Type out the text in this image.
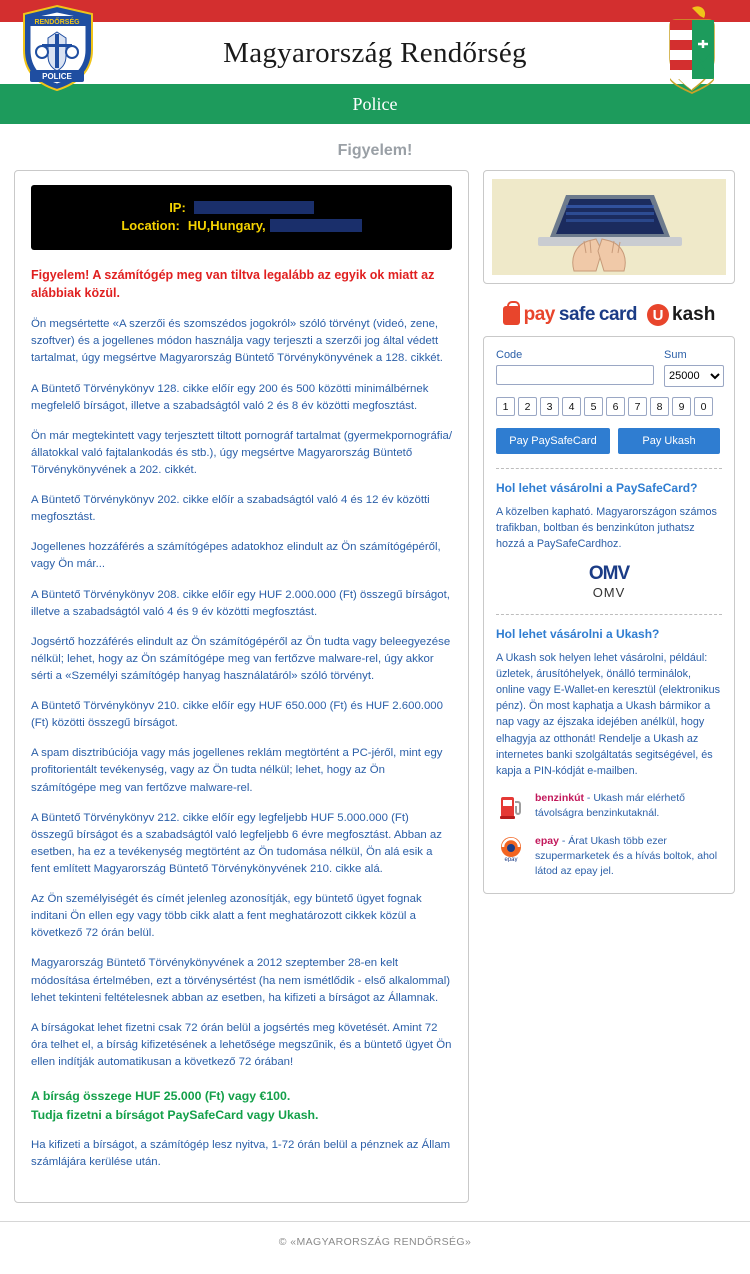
Magyarország Rendőrség
Police
RENDŐRSÉG
POLICE
Figyelem!
IP:
Location: HU,Hungary,
Figyelem! A számítógép meg van tiltva legalább az egyik ok miatt az alábbiak közül.

Ön megsértette «A szerzői és szomszédos jogokról» szóló törvényt (videó, zene, szoftver) és a jogellenes módon használja vagy terjeszti a szerzői jog által védett tartalmat, úgy megsértve Magyarország Büntető Törvénykönyvének a 128. cikkét.

A Büntető Törvénykönyv 128. cikke előír egy 200 és 500 közötti minimálbérnek megfelelő bírságot, illetve a szabadságtól való 2 és 8 év közötti megfosztást.

Ön már megtekintett vagy terjesztett tiltott pornográf tartalmat (gyermekpornográfia/állatokkal való fajtalankodás és stb.), úgy megsértve Magyarország Büntető Törvénykönyvének a 202. cikkét.

A Büntető Törvénykönyv 202. cikke előír a szabadságtól való 4 és 12 év közötti megfosztást.

Jogellenes hozzáférés a számítógépes adatokhoz elindult az Ön számítógépéről, vagy Ön már...

A Büntető Törvénykönyv 208. cikke előír egy HUF 2.000.000 (Ft) összegű bírságot, illetve a szabadságtól való 4 és 9 év közötti megfosztást.

Jogsértő hozzáférés elindult az Ön számítógépéről az Ön tudta vagy beleegyezése nélkül; lehet, hogy az Ön számítógépe meg van fertőzve malware-rel, úgy akkor sérti a «Személyi számítógép hanyag használatáról» szóló törvényt.

A Büntető Törvénykönyv 210. cikke előír egy HUF 650.000 (Ft) és HUF 2.600.000 (Ft) közötti összegű bírságot.

A spam disztribúciója vagy más jogellenes reklám megtörtént a PC-jéről, mint egy profitorientált tevékenység, vagy az Ön tudta nélkül; lehet, hogy az Ön számítógépe meg van fertőzve malware-rel.

A Büntető Törvénykönyv 212. cikke előír egy legfeljebb HUF 5.000.000 (Ft) összegű bírságot és a szabadságtól való legfeljebb 6 évre megfosztást. Abban az esetben, ha ez a tevékenység megtörtént az Ön tudomása nélkül, Ön alá esik a fent említett Magyarország Büntető Törvénykönyvének 210. cikke alá.

Az Ön személyiségét és címét jelenleg azonosítják, egy büntető ügyet fognak inditani Ön ellen egy vagy több cikk alatt a fent meghatározott cikkek közül a következő 72 órán belül.

Magyarország Büntető Törvénykönyvének a 2012 szeptember 28-en kelt módosítása értelmében, ezt a törvénysértést (ha nem ismétlődik - első alkalommal) lehet tekinteni feltételesnek abban az esetben, ha kifizeti a bírságot az Államnak.

A bírságokat lehet fizetni csak 72 órán belül a jogsértés meg követését. Amint 72 óra telhet el, a bírság kifizetésének a lehetősége megszűnik, és a büntető ügyet Ön ellen indítják automatikusan a következő 72 órában!

A bírság összege HUF 25.000 (Ft) vagy €100.
Tudja fizetni a bírságot PaySafeCard vagy Ukash.

Ha kifizeti a bírságot, a számítógép lesz nyitva, 1-72 órán belül a pénznek az Állam számlájára kerülése után.

pay safe card	U kash
Code	Sum
25000
1	2	3	4	5	6	7	8	9	0
Pay PaySafeCard	Pay Ukash
Hol lehet vásárolni a PaySafeCard?

A közelben kapható. Magyarországon számos trafikban, boltban és benzinkúton juthatsz hozzá a PaySafeCardhoz.

OMV
OMV
Hol lehet vásárolni a Ukash?

A Ukash sok helyen lehet vásárolni, például: üzletek, árusítóhelyek, önálló terminálok, online vagy E-Wallet-en keresztül (elektronikus pénz). Ön most kaphatja a Ukash bármikor a nap vagy az éjszaka idejében anélkül, hogy elhagyja az otthonát! Rendelje a Ukash az internetes banki szolgáltatás segitségével, és kapja a PIN-kódját e-mailben.

benzinkút - Ukash már elérhető távolságra benzinkutaknál.
epay
epay - Árat Ukash több ezer szupermarketek és a hívás boltok, ahol látod az epay jel.
© «MAGYARORSZÁG RENDŐRSÉG»
